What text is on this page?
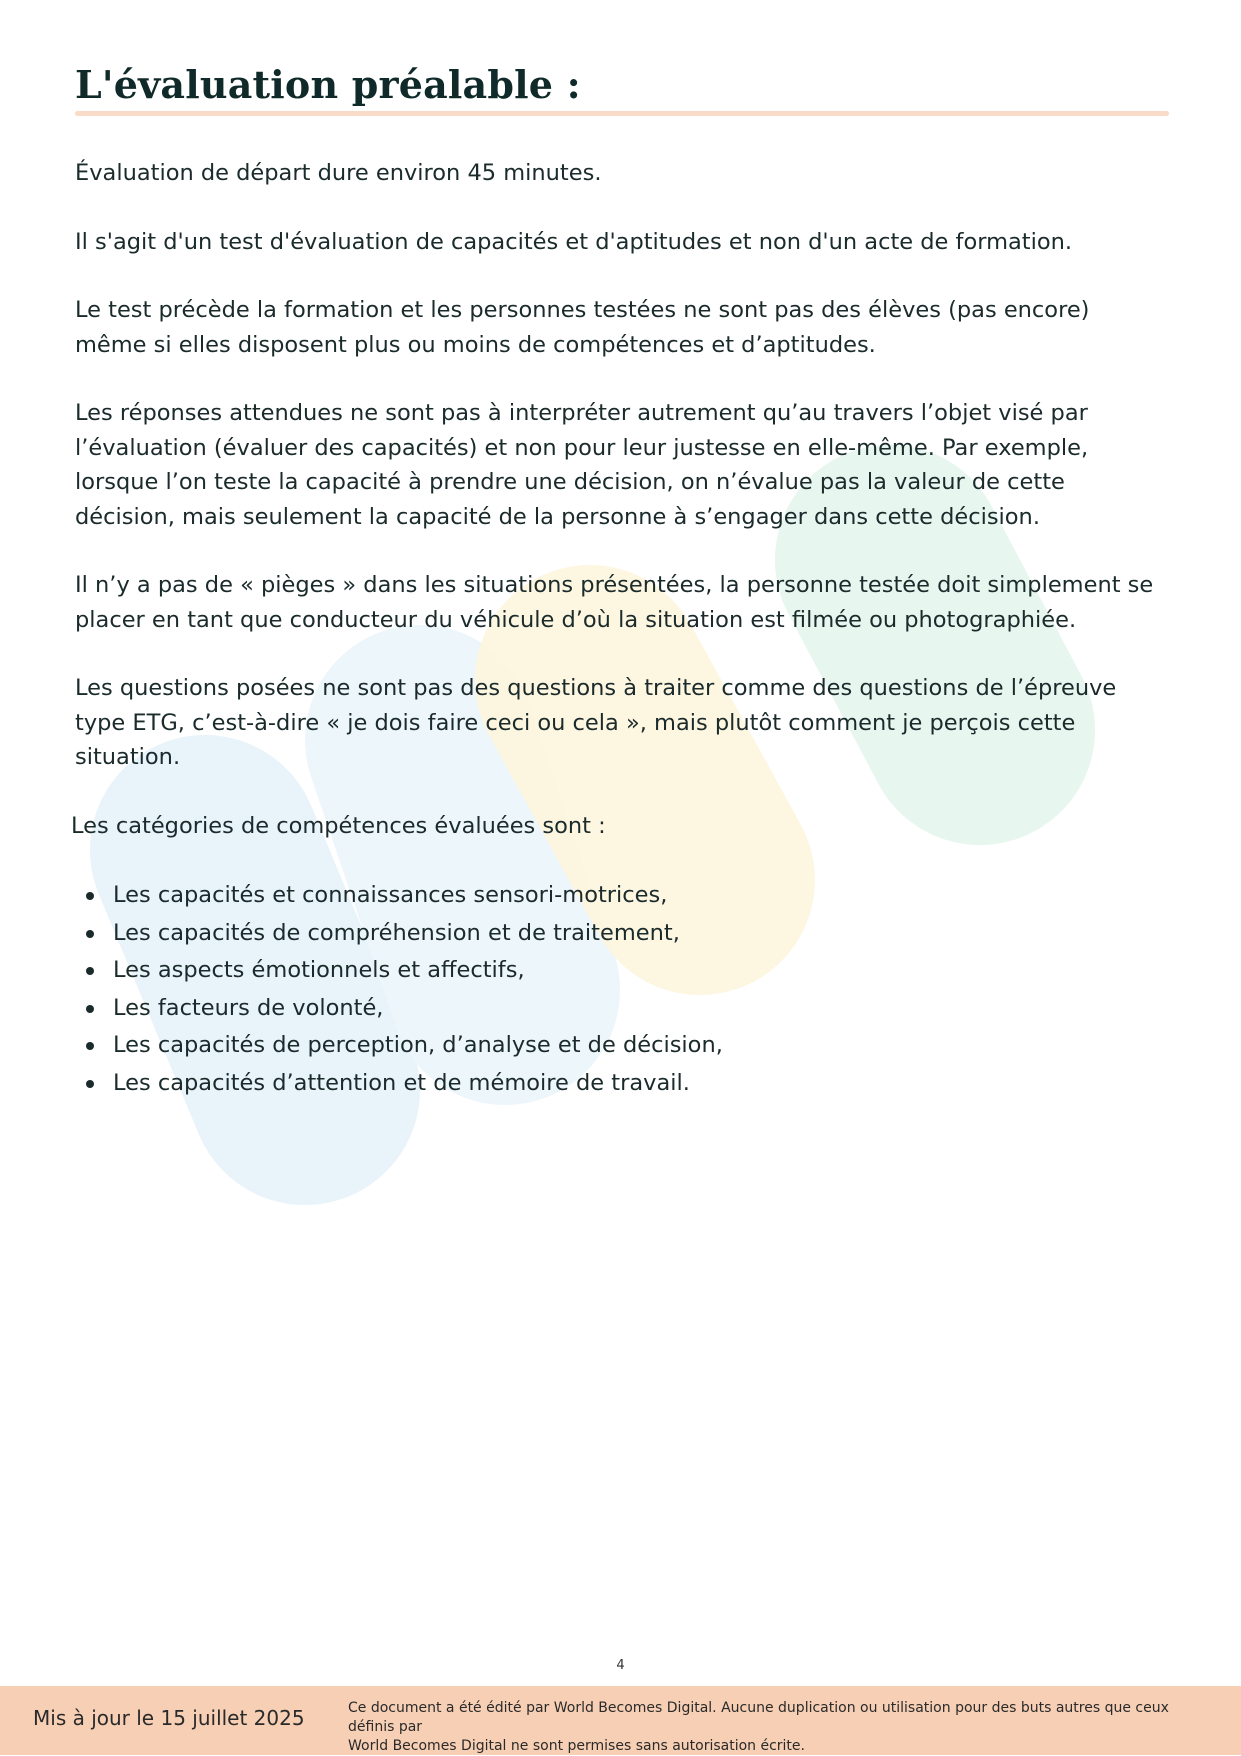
L'évaluation préalable :

Évaluation de départ dure environ 45 minutes.

Il s'agit d'un test d'évaluation de capacités et d'aptitudes et non d'un acte de formation.

Le test précède la formation et les personnes testées ne sont pas des élèves (pas encore)
même si elles disposent plus ou moins de compétences et d’aptitudes.

Les réponses attendues ne sont pas à interpréter autrement qu’au travers l’objet visé par
l’évaluation (évaluer des capacités) et non pour leur justesse en elle-même. Par exemple,
lorsque l’on teste la capacité à prendre une décision, on n’évalue pas la valeur de cette
décision, mais seulement la capacité de la personne à s’engager dans cette décision.

Il n’y a pas de « pièges » dans les situations présentées, la personne testée doit simplement se
placer en tant que conducteur du véhicule d’où la situation est filmée ou photographiée.

Les questions posées ne sont pas des questions à traiter comme des questions de l’épreuve
type ETG, c’est-à-dire « je dois faire ceci ou cela », mais plutôt comment je perçois cette
situation.

Les catégories de compétences évaluées sont :

Les capacités et connaissances sensori-motrices,
Les capacités de compréhension et de traitement,
Les aspects émotionnels et affectifs,
Les facteurs de volonté,
Les capacités de perception, d’analyse et de décision,
Les capacités d’attention et de mémoire de travail.
4
Mis à jour le 15 juillet 2025	Ce document a été édité par World Becomes Digital. Aucune duplication ou utilisation pour des buts autres que ceux définis par
World Becomes Digital ne sont permises sans autorisation écrite.
